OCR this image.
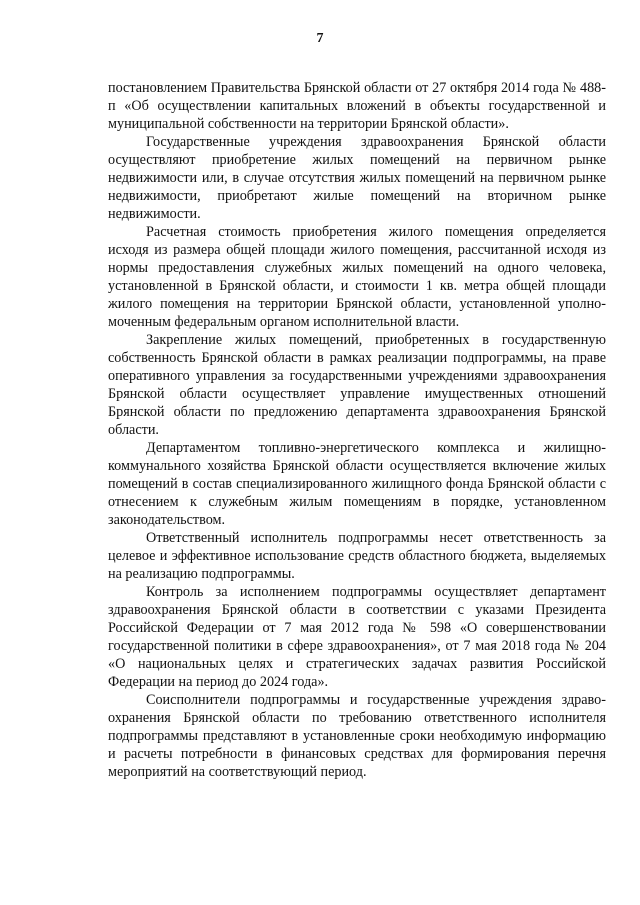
7

постановлением Правительства Брянской области от 27 октября 2014 года № 488-п «Об осуществлении капитальных вложений в объекты государственной и муниципальной собственности на территории Брянской области».

Государственные учреждения здравоохранения Брянской области осуществляют приобретение жилых помещений на первичном рынке недвижимости или, в случае отсутствия жилых помещений на первичном рынке недвижимости, приобретают жилые помещений на вторичном рынке недвижимости.

Расчетная стоимость приобретения жилого помещения определяется исходя из размера общей площади жилого помещения, рассчитанной исходя из нормы предоставления служебных жилых помещений на одного человека, установленной в Брянской области, и стоимости 1 кв. метра общей площади жилого помещения на территории Брянской области, установленной уполномоченным федеральным органом исполнительной власти.

Закрепление жилых помещений, приобретенных в государственную собственность Брянской области в рамках реализации подпрограммы, на праве оперативного управления за государственными учреждениями здравоохранения Брянской области осуществляет управление имущественных отношений Брянской области по предложению департамента здравоохранения Брянской области.

Департаментом топливно-энергетического комплекса и жилищно-коммунального хозяйства Брянской области осуществляется включение жилых помещений в состав специализированного жилищного фонда Брянской области с отнесением к служебным жилым помещениям в порядке, установленном законодательством.

Ответственный исполнитель подпрограммы несет ответственность за целевое и эффективное использование средств областного бюджета, выделяемых на реализацию подпрограммы.

Контроль за исполнением подпрограммы осуществляет департамент здравоохранения Брянской области в соответствии с указами Президента Российской Федерации от 7 мая 2012 года № 598 «О совершенствовании государственной политики в сфере здравоохранения», от 7 мая 2018 года № 204 «О национальных целях и стратегических задачах развития Российской Федерации на период до 2024 года».

Соисполнители подпрограммы и государственные учреждения здравоохранения Брянской области по требованию ответственного исполнителя подпрограммы представляют в установленные сроки необходимую информацию и расчеты потребности в финансовых средствах для формирования перечня мероприятий на соответствующий период.
